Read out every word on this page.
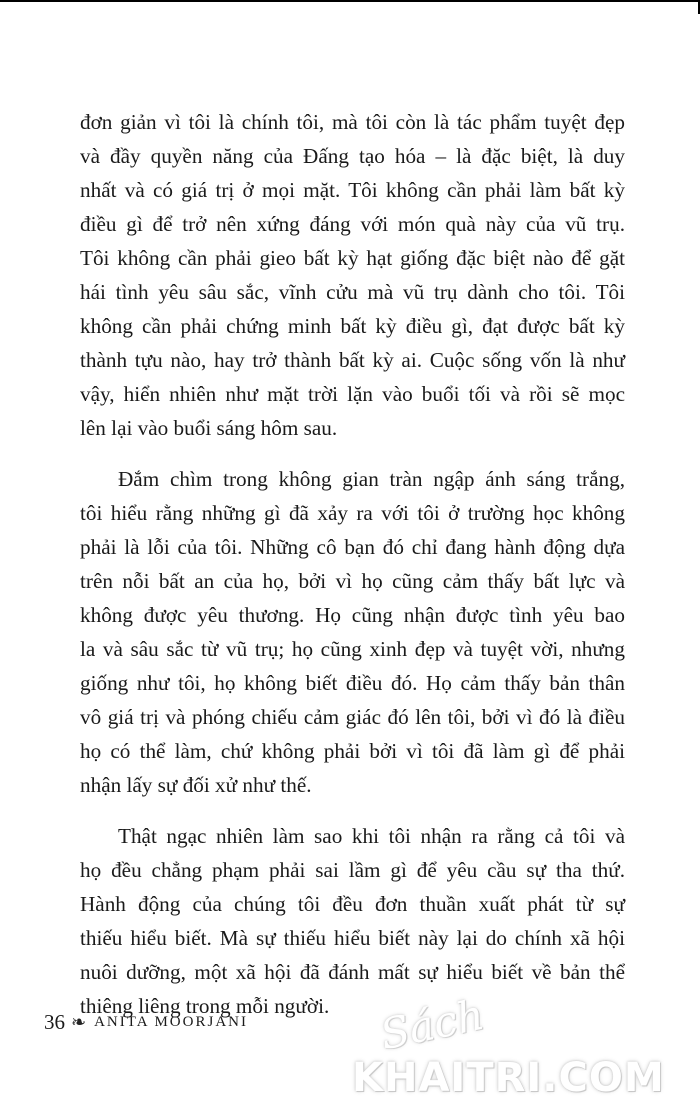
đơn giản vì tôi là chính tôi, mà tôi còn là tác phẩm tuyệt đẹp
và đầy quyền năng của Đấng tạo hóa – là đặc biệt, là duy
nhất và có giá trị ở mọi mặt. Tôi không cần phải làm bất kỳ
điều gì để trở nên xứng đáng với món quà này của vũ trụ.
Tôi không cần phải gieo bất kỳ hạt giống đặc biệt nào để gặt
hái tình yêu sâu sắc, vĩnh cửu mà vũ trụ dành cho tôi. Tôi
không cần phải chứng minh bất kỳ điều gì, đạt được bất kỳ
thành tựu nào, hay trở thành bất kỳ ai. Cuộc sống vốn là như
vậy, hiển nhiên như mặt trời lặn vào buổi tối và rồi sẽ mọc
lên lại vào buổi sáng hôm sau.

Đắm chìm trong không gian tràn ngập ánh sáng trắng,
tôi hiểu rằng những gì đã xảy ra với tôi ở trường học không
phải là lỗi của tôi. Những cô bạn đó chỉ đang hành động dựa
trên nỗi bất an của họ, bởi vì họ cũng cảm thấy bất lực và
không được yêu thương. Họ cũng nhận được tình yêu bao
la và sâu sắc từ vũ trụ; họ cũng xinh đẹp và tuyệt vời, nhưng
giống như tôi, họ không biết điều đó. Họ cảm thấy bản thân
vô giá trị và phóng chiếu cảm giác đó lên tôi, bởi vì đó là điều
họ có thể làm, chứ không phải bởi vì tôi đã làm gì để phải
nhận lấy sự đối xử như thế.

Thật ngạc nhiên làm sao khi tôi nhận ra rằng cả tôi và
họ đều chẳng phạm phải sai lầm gì để yêu cầu sự tha thứ.
Hành động của chúng tôi đều đơn thuần xuất phát từ sự
thiếu hiểu biết. Mà sự thiếu hiểu biết này lại do chính xã hội
nuôi dưỡng, một xã hội đã đánh mất sự hiểu biết về bản thể
thiêng liêng trong mỗi người.

36 ❧ ANITA MOORJANI	Sách
KHAITRI.COM
